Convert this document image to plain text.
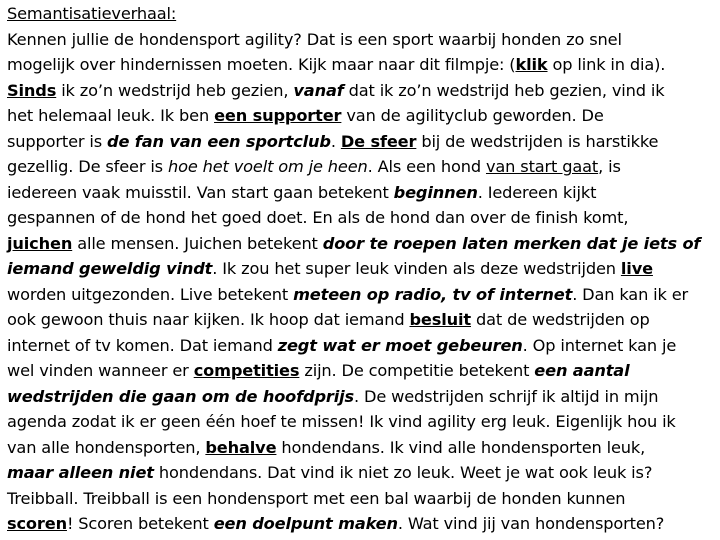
Semantisatieverhaal:
Kennen jullie de hondensport agility? Dat is een sport waarbij honden zo snel
mogelijk over hindernissen moeten. Kijk maar naar dit filmpje: (klik op link in dia).
Sinds ik zo’n wedstrijd heb gezien, vanaf dat ik zo’n wedstrijd heb gezien, vind ik
het helemaal leuk. Ik ben een supporter van de agilityclub geworden. De
supporter is de fan van een sportclub. De sfeer bij de wedstrijden is harstikke
gezellig. De sfeer is hoe het voelt om je heen. Als een hond van start gaat, is
iedereen vaak muisstil. Van start gaan betekent beginnen. Iedereen kijkt
gespannen of de hond het goed doet. En als de hond dan over de finish komt,
juichen alle mensen. Juichen betekent door te roepen laten merken dat je iets of
iemand geweldig vindt. Ik zou het super leuk vinden als deze wedstrijden live
worden uitgezonden. Live betekent meteen op radio, tv of internet. Dan kan ik er
ook gewoon thuis naar kijken. Ik hoop dat iemand besluit dat de wedstrijden op
internet of tv komen. Dat iemand zegt wat er moet gebeuren. Op internet kan je
wel vinden wanneer er competities zijn. De competitie betekent een aantal
wedstrijden die gaan om de hoofdprijs. De wedstrijden schrijf ik altijd in mijn
agenda zodat ik er geen één hoef te missen! Ik vind agility erg leuk. Eigenlijk hou ik
van alle hondensporten, behalve hondendans. Ik vind alle hondensporten leuk,
maar alleen niet hondendans. Dat vind ik niet zo leuk. Weet je wat ook leuk is?
Treibball. Treibball is een hondensport met een bal waarbij de honden kunnen
scoren! Scoren betekent een doelpunt maken. Wat vind jij van hondensporten?
